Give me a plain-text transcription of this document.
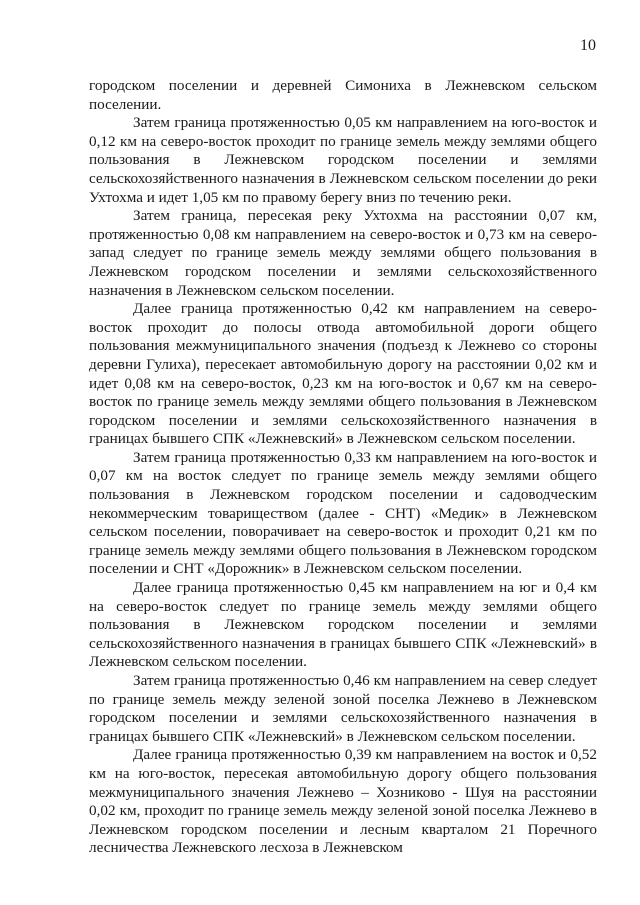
10

городском поселении и деревней Симониха в Лежневском сельском поселении.

Затем граница протяженностью 0,05 км направлением на юго-восток и 0,12 км на северо-восток проходит по границе земель между землями общего пользования в Лежневском городском поселении и землями сельскохозяйственного назначения в Лежневском сельском поселении до реки Ухтохма и идет 1,05 км по правому берегу вниз по течению реки.

Затем граница, пересекая реку Ухтохма на расстоянии 0,07 км, протяженностью 0,08 км направлением на северо-восток и 0,73 км на северо-запад следует по границе земель между землями общего пользования в Лежневском городском поселении и землями сельскохозяйственного назначения в Лежневском сельском поселении.

Далее граница протяженностью 0,42 км направлением на северо-восток проходит до полосы отвода автомобильной дороги общего пользования межмуниципального значения (подъезд к Лежнево со стороны деревни Гулиха), пересекает автомобильную дорогу на расстоянии 0,02 км и идет 0,08 км на северо-восток, 0,23 км на юго-восток и 0,67 км на северо-восток по границе земель между землями общего пользования в Лежневском городском поселении и землями сельскохозяйственного назначения в границах бывшего СПК «Лежневский» в Лежневском сельском поселении.

Затем граница протяженностью 0,33 км направлением на юго-восток и 0,07 км на восток следует по границе земель между землями общего пользования в Лежневском городском поселении и садоводческим некоммерческим товариществом (далее - СНТ) «Медик» в Лежневском сельском поселении, поворачивает на северо-восток и проходит 0,21 км по границе земель между землями общего пользования в Лежневском городском поселении и СНТ «Дорожник» в Лежневском сельском поселении.

Далее граница протяженностью 0,45 км направлением на юг и 0,4 км на северо-восток следует по границе земель между землями общего пользования в Лежневском городском поселении и землями сельскохозяйственного назначения в границах бывшего СПК «Лежневский» в Лежневском сельском поселении.

Затем граница протяженностью 0,46 км направлением на север следует по границе земель между зеленой зоной поселка Лежнево в Лежневском городском поселении и землями сельскохозяйственного назначения в границах бывшего СПК «Лежневский» в Лежневском сельском поселении.

Далее граница протяженностью 0,39 км направлением на восток и 0,52 км на юго-восток, пересекая автомобильную дорогу общего пользования межмуниципального значения Лежнево – Хозниково - Шуя на расстоянии 0,02 км, проходит по границе земель между зеленой зоной поселка Лежнево в Лежневском городском поселении и лесным кварталом 21 Поречного лесничества Лежневского лесхоза в Лежневском
